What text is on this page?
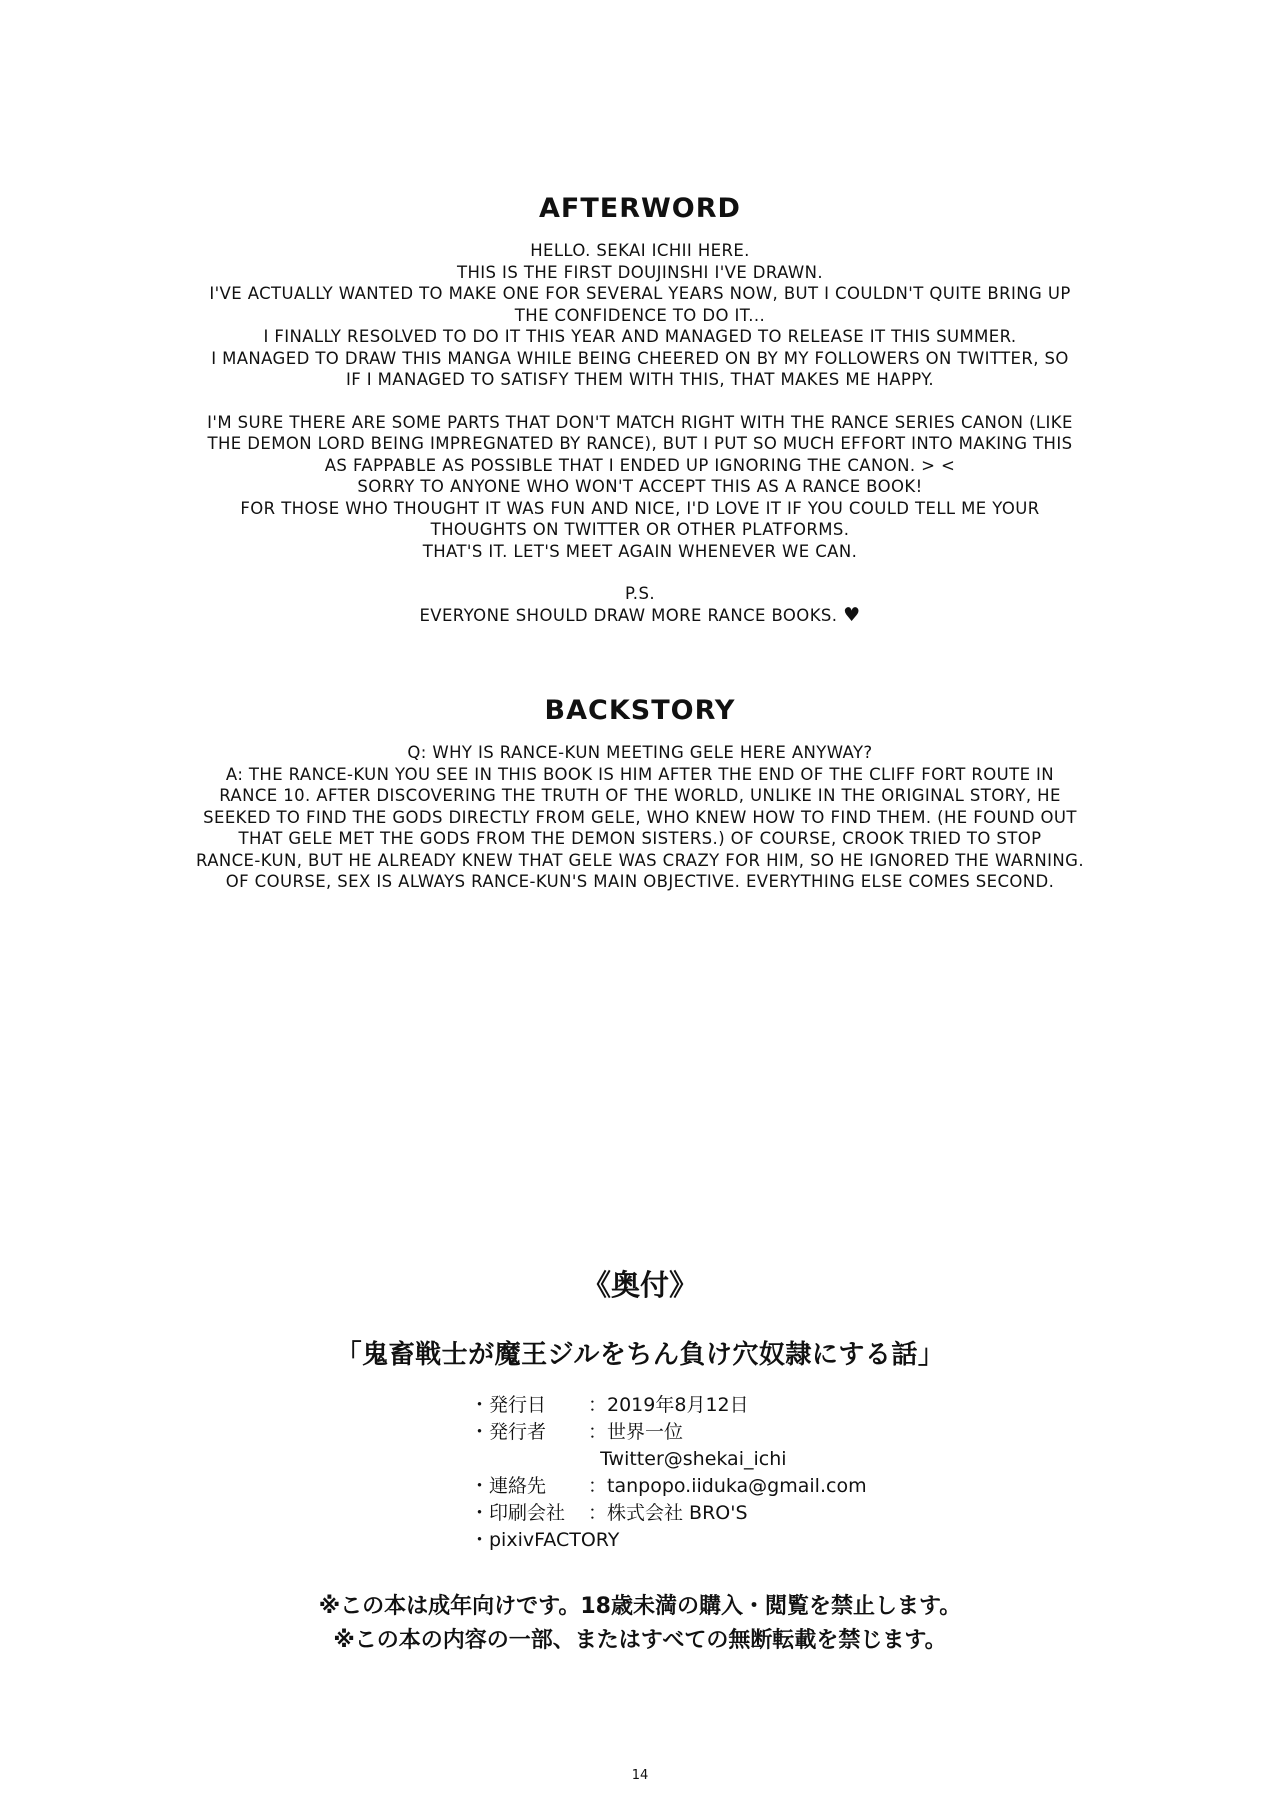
AFTERWORD
HELLO. SEKAI ICHII HERE.
THIS IS THE FIRST DOUJINSHI I'VE DRAWN.
I'VE ACTUALLY WANTED TO MAKE ONE FOR SEVERAL YEARS NOW, BUT I COULDN'T QUITE BRING UP
THE CONFIDENCE TO DO IT...
I FINALLY RESOLVED TO DO IT THIS YEAR AND MANAGED TO RELEASE IT THIS SUMMER.
I MANAGED TO DRAW THIS MANGA WHILE BEING CHEERED ON BY MY FOLLOWERS ON TWITTER, SO
IF I MANAGED TO SATISFY THEM WITH THIS, THAT MAKES ME HAPPY.
I'M SURE THERE ARE SOME PARTS THAT DON'T MATCH RIGHT WITH THE RANCE SERIES CANON (LIKE
THE DEMON LORD BEING IMPREGNATED BY RANCE), BUT I PUT SO MUCH EFFORT INTO MAKING THIS
AS FAPPABLE AS POSSIBLE THAT I ENDED UP IGNORING THE CANON. > <
SORRY TO ANYONE WHO WON'T ACCEPT THIS AS A RANCE BOOK!
FOR THOSE WHO THOUGHT IT WAS FUN AND NICE, I'D LOVE IT IF YOU COULD TELL ME YOUR
THOUGHTS ON TWITTER OR OTHER PLATFORMS.
THAT'S IT. LET'S MEET AGAIN WHENEVER WE CAN.
P.S.
EVERYONE SHOULD DRAW MORE RANCE BOOKS. ♥
BACKSTORY
Q: WHY IS RANCE-KUN MEETING GELE HERE ANYWAY?
A: THE RANCE-KUN YOU SEE IN THIS BOOK IS HIM AFTER THE END OF THE CLIFF FORT ROUTE IN
RANCE 10. AFTER DISCOVERING THE TRUTH OF THE WORLD, UNLIKE IN THE ORIGINAL STORY, HE
SEEKED TO FIND THE GODS DIRECTLY FROM GELE, WHO KNEW HOW TO FIND THEM. (HE FOUND OUT
THAT GELE MET THE GODS FROM THE DEMON SISTERS.) OF COURSE, CROOK TRIED TO STOP
RANCE-KUN, BUT HE ALREADY KNEW THAT GELE WAS CRAZY FOR HIM, SO HE IGNORED THE WARNING.
OF COURSE, SEX IS ALWAYS RANCE-KUN'S MAIN OBJECTIVE. EVERYTHING ELSE COMES SECOND.
《奥付》
「鬼畜戦士が魔王ジルをちん負け穴奴隷にする話」
・発行日	：2019年8月12日
・発行者	：世界一位
Twitter@shekai_ichi
・連絡先	：tanpopo.iiduka@gmail.com
・印刷会社	：株式会社 BRO'S
・pixivFACTORY
※この本は成年向けです。18歳未満の購入・閲覧を禁止します。
※この本の内容の一部、またはすべての無断転載を禁じます。
14
